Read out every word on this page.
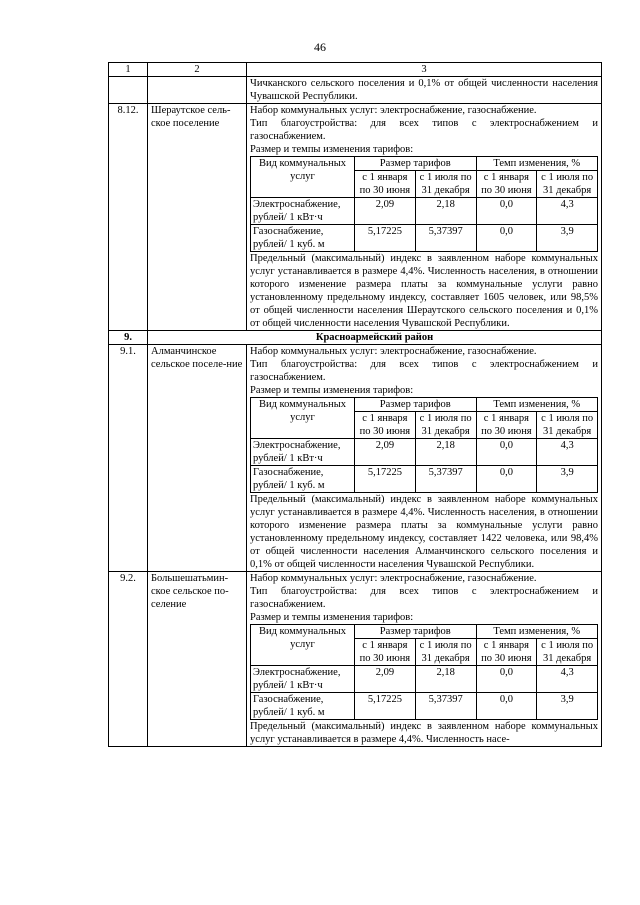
46
1	2	3
		Чичканского сельского поселения и 0,1% от общей численности населения Чувашской Республики.
8.12.	Шераутское сель-ское поселение	
Набор коммунальных услуг: электроснабжение, газоснабжение.
Тип благоустройства: для всех типов с электроснабжением и газоснабжением.
Размер и темпы изменения тарифов:
Вид коммунальных услуг	Размер тарифов	Темп изменения, %
с 1 января по 30 июня	с 1 июля по 31 декабря	с 1 января по 30 июня	с 1 июля по 31 декабря
Электроснабжение, рублей/ 1 кВт·ч	2,09	2,18	0,0	4,3
Газоснабжение, рублей/ 1 куб. м	5,17225	5,37397	0,0	3,9
Предельный (максимальный) индекс в заявленном наборе коммунальных услуг устанавливается в размере 4,4%. Численность населения, в отношении которого изменение размера платы за коммунальные услуги равно установленному предельному индексу, составляет 1605 человек, или 98,5% от общей численности населения Шераутского сельского поселения и 0,1% от общей численности населения Чувашской Республики.

9.	Красноармейский район
9.1.	Алманчинское сельское поселе-ние	
Набор коммунальных услуг: электроснабжение, газоснабжение.
Тип благоустройства: для всех типов с электроснабжением и газоснабжением.
Размер и темпы изменения тарифов:
Вид коммунальных услуг	Размер тарифов	Темп изменения, %
с 1 января по 30 июня	с 1 июля по 31 декабря	с 1 января по 30 июня	с 1 июля по 31 декабря
Электроснабжение, рублей/ 1 кВт·ч	2,09	2,18	0,0	4,3
Газоснабжение, рублей/ 1 куб. м	5,17225	5,37397	0,0	3,9
Предельный (максимальный) индекс в заявленном наборе коммунальных услуг устанавливается в размере 4,4%. Численность населения, в отношении которого изменение размера платы за коммунальные услуги равно установленному предельному индексу, составляет 1422 человека, или 98,4% от общей численности населения Алманчинского сельского поселения и 0,1% от общей численности населения Чувашской Республики.

9.2.	Большешатьмин-ское сельское по-селение	
Набор коммунальных услуг: электроснабжение, газоснабжение.
Тип благоустройства: для всех типов с электроснабжением и газоснабжением.
Размер и темпы изменения тарифов:
Вид коммунальных услуг	Размер тарифов	Темп изменения, %
с 1 января по 30 июня	с 1 июля по 31 декабря	с 1 января по 30 июня	с 1 июля по 31 декабря
Электроснабжение, рублей/ 1 кВт·ч	2,09	2,18	0,0	4,3
Газоснабжение, рублей/ 1 куб. м	5,17225	5,37397	0,0	3,9
Предельный (максимальный) индекс в заявленном наборе коммунальных услуг устанавливается в размере 4,4%. Численность насе-
